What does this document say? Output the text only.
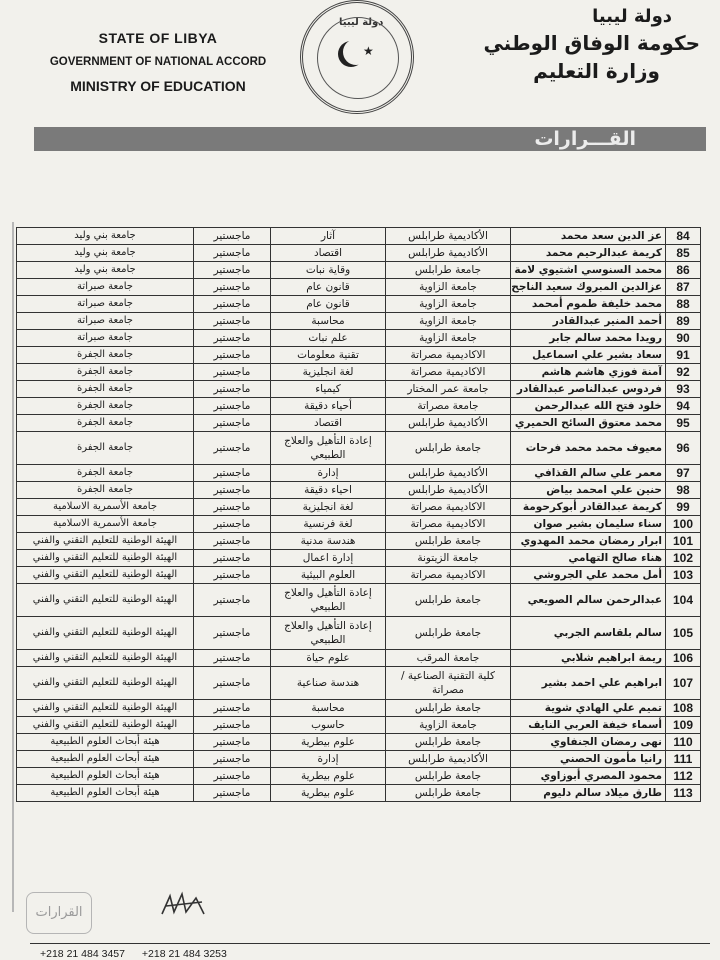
STATE OF LIBYA
GOVERNMENT OF NATIONAL ACCORD
MINISTRY OF EDUCATION
دولة ليبيا
★
دولة ليبيا
حكومة الوفاق الوطني
وزارة التعليم
القـــرارات
84	عز الدين سعد محمد	الأكاديمية طرابلس	آثار	ماجستير	جامعة بني وليد
85	كريمة عبدالرحيم محمد	الأكاديمية طرابلس	اقتصاد	ماجستير	جامعة بني وليد
86	محمد السنوسي اشتيوي لامة	جامعة طرابلس	وقاية نبات	ماجستير	جامعة بني وليد
87	عزالدين المبروك سعيد الناجح	جامعة الزاوية	قانون عام	ماجستير	جامعة صبراتة
88	محمد خليفة طموم أمحمد	جامعة الزاوية	قانون عام	ماجستير	جامعة صبراتة
89	أحمد المنير عبدالقادر	جامعة الزاوية	محاسبة	ماجستير	جامعة صبراتة
90	رويدا محمد سالم جابر	جامعة الزاوية	علم نبات	ماجستير	جامعة صبراتة
91	سعاد بشير علي اسماعيل	الاكاديمية مصراتة	تقنية معلومات	ماجستير	جامعة الجفرة
92	آمنة فوزي هاشم هاشم	الاكاديمية مصراتة	لغة انجليزية	ماجستير	جامعة الجفرة
93	فردوس عبدالناصر عبدالقادر	جامعة عمر المختار	كيمياء	ماجستير	جامعة الجفرة
94	خلود فتح الله عبدالرحمن	جامعة مصراتة	أحياء دقيقة	ماجستير	جامعة الجفرة
95	محمد معتوق السائح الحميري	الأكاديمية طرابلس	اقتصاد	ماجستير	جامعة الجفرة
96	معيوف محمد محمد فرحات	جامعة طرابلس	إعادة التأهيل والعلاج الطبيعي	ماجستير	جامعة الجفرة
97	معمر علي سالم القذافي	الأكاديمية طرابلس	إدارة	ماجستير	جامعة الجفرة
98	حنين علي امحمد بياض	الأكاديمية طرابلس	احياء دقيقة	ماجستير	جامعة الجفرة
99	كريمة عبدالقادر أبوكرحومة	الاكاديمية مصراتة	لغة انجليزية	ماجستير	جامعة الأسمرية الاسلامية
100	سناء سليمان بشير صوان	الاكاديمية مصراتة	لغة فرنسية	ماجستير	جامعة الأسمرية الاسلامية
101	ابرار رمضان محمد المهدوي	جامعة طرابلس	هندسة مدنية	ماجستير	الهيئة الوطنية للتعليم التقني والفني
102	هناء صالح التهامي	جامعة الزيتونة	إدارة اعمال	ماجستير	الهيئة الوطنية للتعليم التقني والفني
103	أمل محمد علي الجروشي	الاكاديمية مصراتة	العلوم البيئية	ماجستير	الهيئة الوطنية للتعليم التقني والفني
104	عبدالرحمن سالم الصويعي	جامعة طرابلس	إعادة التأهيل والعلاج الطبيعي	ماجستير	الهيئة الوطنية للتعليم التقني والفني
105	سالم بلقاسم الجربي	جامعة طرابلس	إعادة التأهيل والعلاج الطبيعي	ماجستير	الهيئة الوطنية للتعليم التقني والفني
106	ريمة ابراهيم شلابي	جامعة المرقب	علوم حياة	ماجستير	الهيئة الوطنية للتعليم التقني والفني
107	ابراهيم علي احمد بشير	كلية التقنية الصناعية / مصراتة	هندسة صناعية	ماجستير	الهيئة الوطنية للتعليم التقني والفني
108	تميم علي الهادي شوية	جامعة طرابلس	محاسبة	ماجستير	الهيئة الوطنية للتعليم التقني والفني
109	أسماء خيفة العربي النايف	جامعة الزاوية	حاسوب	ماجستير	الهيئة الوطنية للتعليم التقني والفني
110	نهى رمضان الجنفاوي	جامعة طرابلس	علوم بيطرية	ماجستير	هيئة أبحاث العلوم الطبيعية
111	رانيا مأمون الحصني	الأكاديمية طرابلس	إدارة	ماجستير	هيئة أبحاث العلوم الطبيعية
112	محمود المصري أبوزاوي	جامعة طرابلس	علوم بيطرية	ماجستير	هيئة أبحاث العلوم الطبيعية
113	طارق ميلاد سالم دليوم	جامعة طرابلس	علوم بيطرية	ماجستير	هيئة أبحاث العلوم الطبيعية
القرارات
+218 21 484 3457 +218 21 484 3253
